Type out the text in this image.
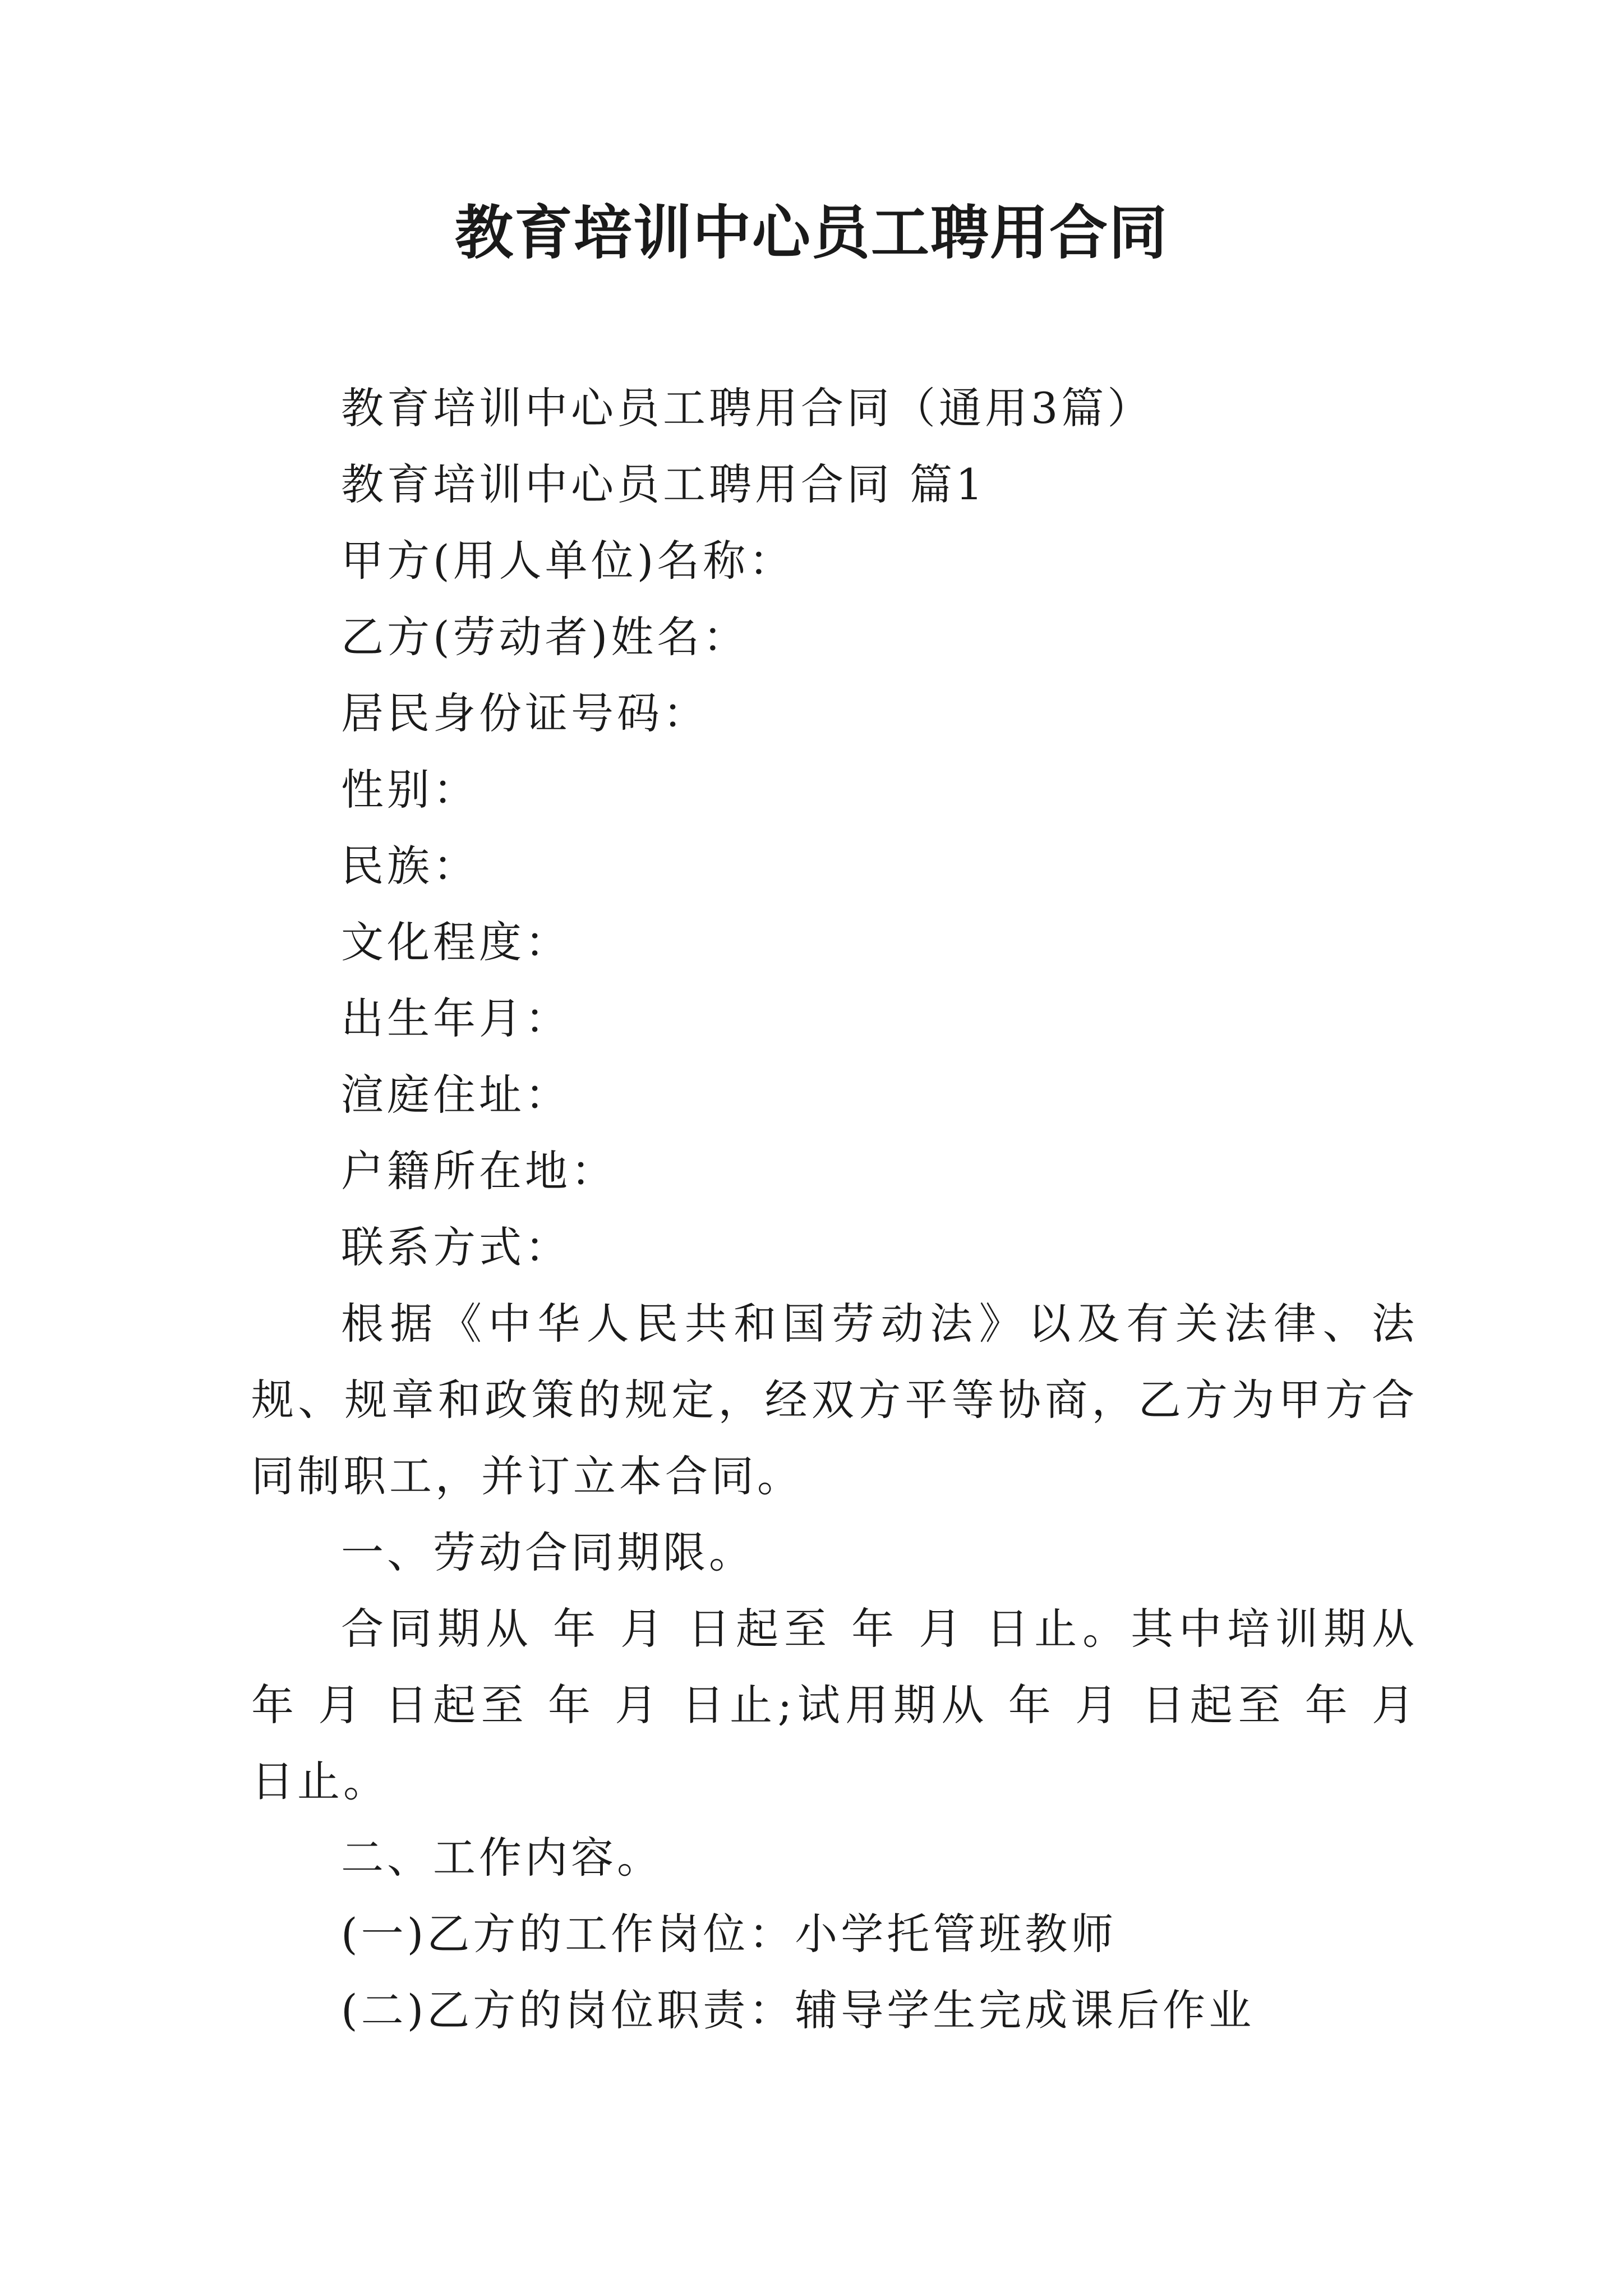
教育培训中心员工聘用合同

教育培训中心员工聘用合同（通用3篇）

教育培训中心员工聘用合同 篇1

甲方(用人单位)名称：

乙方(劳动者)姓名：

居民身份证号码：

性别：

民族：

文化程度：

出生年月：

渲庭住址：

户籍所在地：

联系方式：

根据《中华人民共和国劳动法》以及有关法律、法规、规章和政策的规定，经双方平等协商，乙方为甲方合同制职工，并订立本合同。

一、劳动合同期限。

合同期从 年 月 日起至 年 月 日止。其中培训期从 年 月 日起至 年 月 日止;试用期从 年 月 日起至 年 月 日止。

二、工作内容。

(一)乙方的工作岗位：小学托管班教师

(二)乙方的岗位职责：辅导学生完成课后作业
